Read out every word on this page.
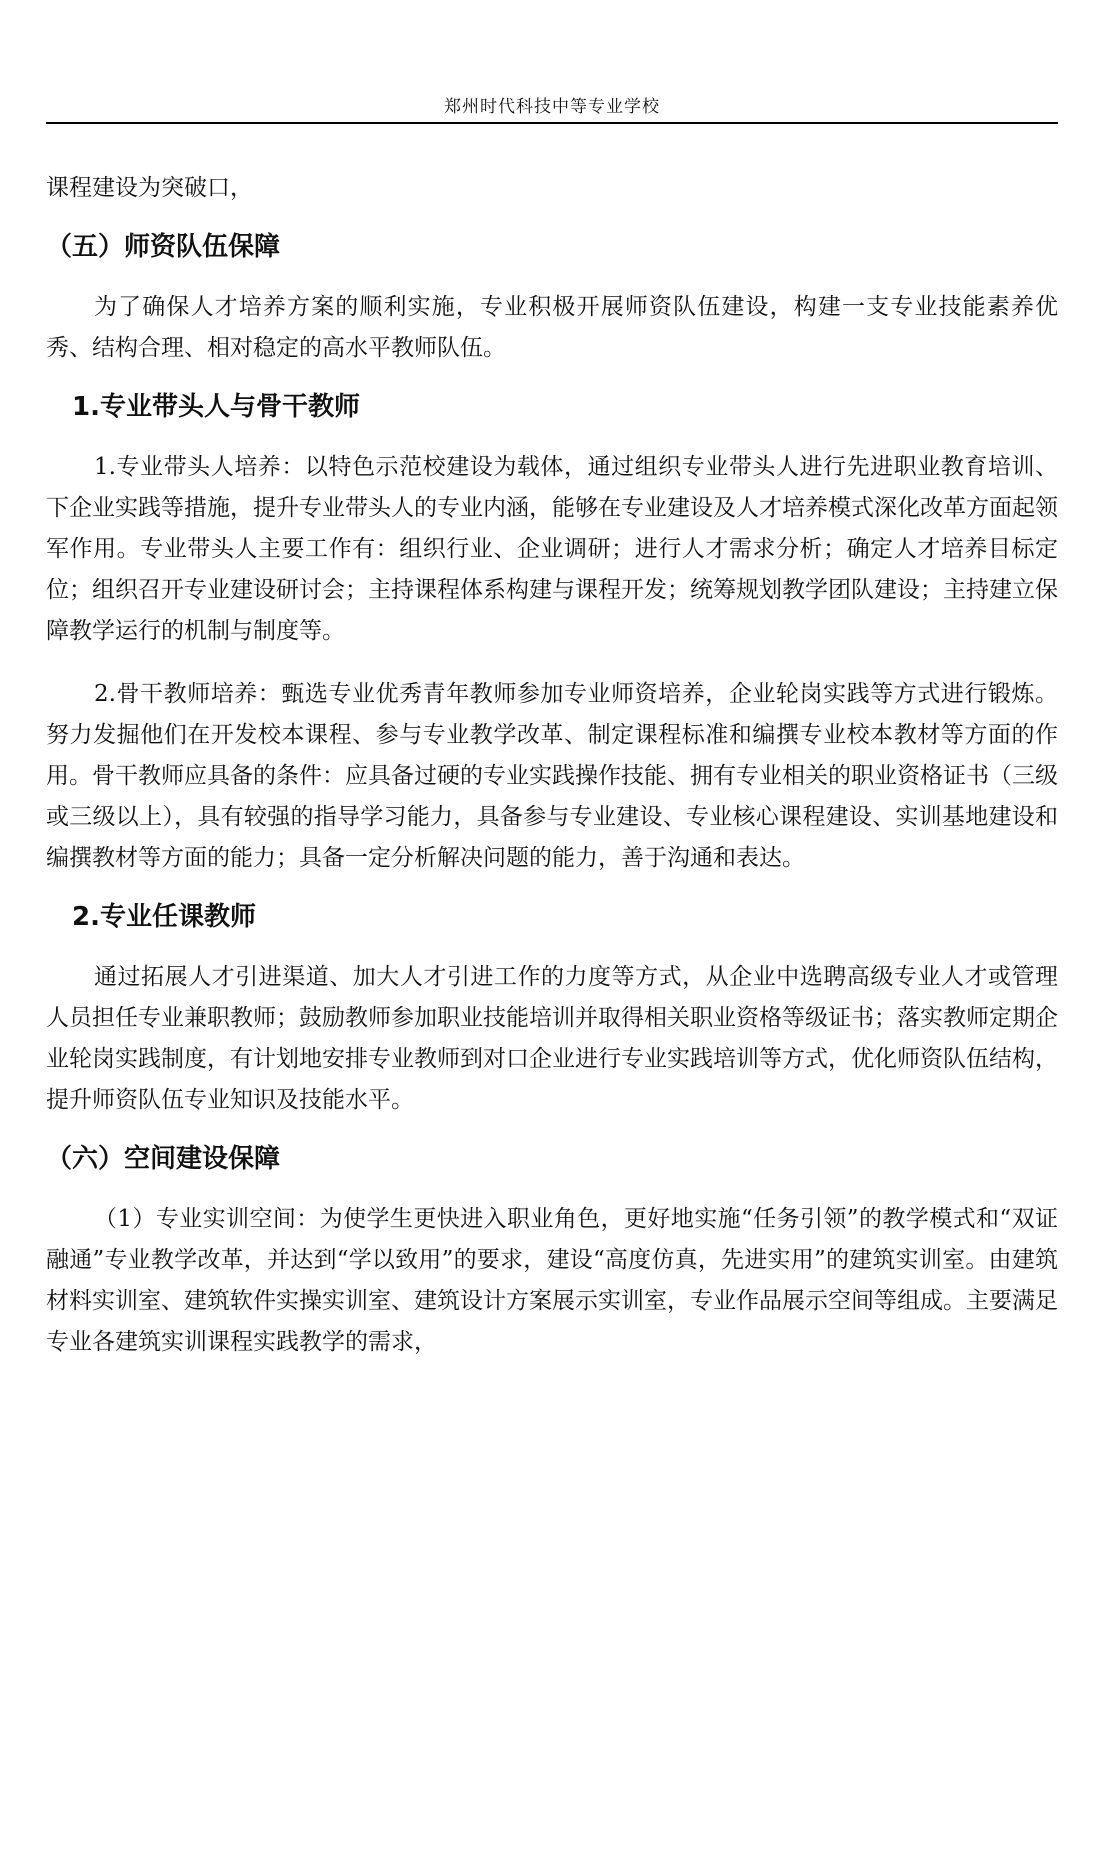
郑州时代科技中等专业学校

课程建设为突破口，

（五）师资队伍保障

为了确保人才培养方案的顺利实施，专业积极开展师资队伍建设，构建一支专业技能素养优秀、结构合理、相对稳定的高水平教师队伍。

1.专业带头人与骨干教师

1.专业带头人培养：以特色示范校建设为载体，通过组织专业带头人进行先进职业教育培训、下企业实践等措施，提升专业带头人的专业内涵，能够在专业建设及人才培养模式深化改革方面起领军作用。专业带头人主要工作有：组织行业、企业调研；进行人才需求分析；确定人才培养目标定位；组织召开专业建设研讨会；主持课程体系构建与课程开发；统筹规划教学团队建设；主持建立保障教学运行的机制与制度等。

2.骨干教师培养：甄选专业优秀青年教师参加专业师资培养，企业轮岗实践等方式进行锻炼。努力发掘他们在开发校本课程、参与专业教学改革、制定课程标准和编撰专业校本教材等方面的作用。骨干教师应具备的条件：应具备过硬的专业实践操作技能、拥有专业相关的职业资格证书（三级或三级以上），具有较强的指导学习能力，具备参与专业建设、专业核心课程建设、实训基地建设和编撰教材等方面的能力；具备一定分析解决问题的能力，善于沟通和表达。

2.专业任课教师

通过拓展人才引进渠道、加大人才引进工作的力度等方式，从企业中选聘高级专业人才或管理人员担任专业兼职教师；鼓励教师参加职业技能培训并取得相关职业资格等级证书；落实教师定期企业轮岗实践制度，有计划地安排专业教师到对口企业进行专业实践培训等方式，优化师资队伍结构，提升师资队伍专业知识及技能水平。

（六）空间建设保障

（1）专业实训空间：为使学生更快进入职业角色，更好地实施“任务引领”的教学模式和“双证融通”专业教学改革，并达到“学以致用”的要求，建设“高度仿真，先进实用”的建筑实训室。由建筑材料实训室、建筑软件实操实训室、建筑设计方案展示实训室，专业作品展示空间等组成。主要满足专业各建筑实训课程实践教学的需求，
